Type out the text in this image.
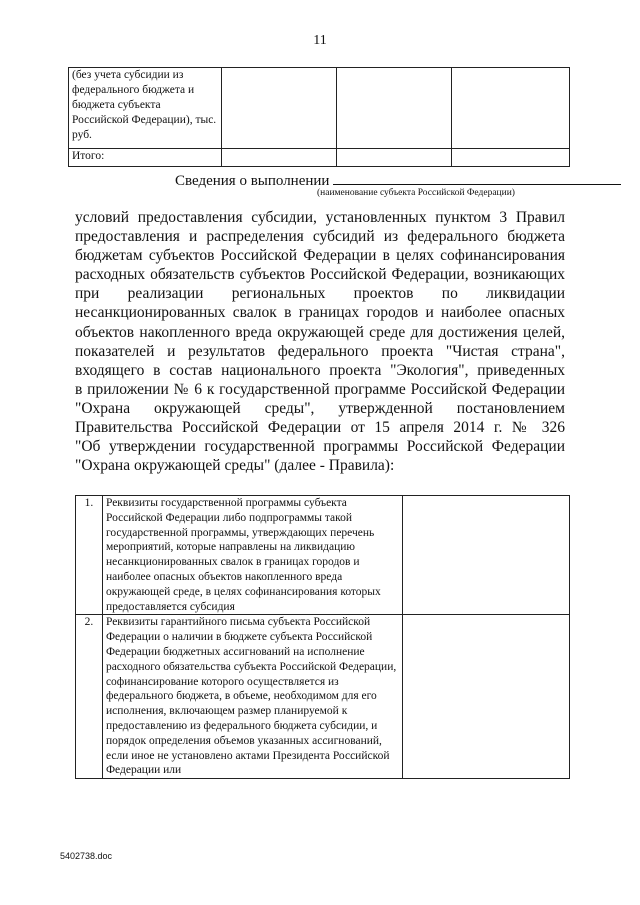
11
(без учета субсидии из федерального бюджета и бюджета субъекта Российской Федерации), тыс. руб.			
Итого:			
Сведения о выполнении
(наименование субъекта Российской Федерации)
условий предоставления субсидии, установленных пунктом 3 Правил
предоставления и распределения субсидий из федерального бюджета
бюджетам субъектов Российской Федерации в целях софинансирования
расходных обязательств субъектов Российской Федерации, возникающих
при реализации региональных проектов по ликвидации
несанкционированных свалок в границах городов и наиболее опасных
объектов накопленного вреда окружающей среде для достижения целей,
показателей и результатов федерального проекта "Чистая страна",
входящего в состав национального проекта "Экология", приведенных
в приложении № 6 к государственной программе Российской Федерации
"Охрана окружающей среды", утвержденной постановлением
Правительства Российской Федерации от 15 апреля 2014 г. № 326
"Об утверждении государственной программы Российской Федерации
"Охрана окружающей среды" (далее - Правила):
1.	Реквизиты государственной программы субъекта Российской Федерации либо подпрограммы такой государственной программы, утверждающих перечень мероприятий, которые направлены на ликвидацию несанкционированных свалок в границах городов и наиболее опасных объектов накопленного вреда окружающей среде, в целях софинансирования которых предоставляется субсидия	
2.	Реквизиты гарантийного письма субъекта Российской Федерации о наличии в бюджете субъекта Российской Федерации бюджетных ассигнований на исполнение расходного обязательства субъекта Российской Федерации, софинансирование которого осуществляется из федерального бюджета, в объеме, необходимом для его исполнения, включающем размер планируемой к предоставлению из федерального бюджета субсидии, и порядок определения объемов указанных ассигнований, если иное не установлено актами Президента Российской Федерации или	
5402738.doc
